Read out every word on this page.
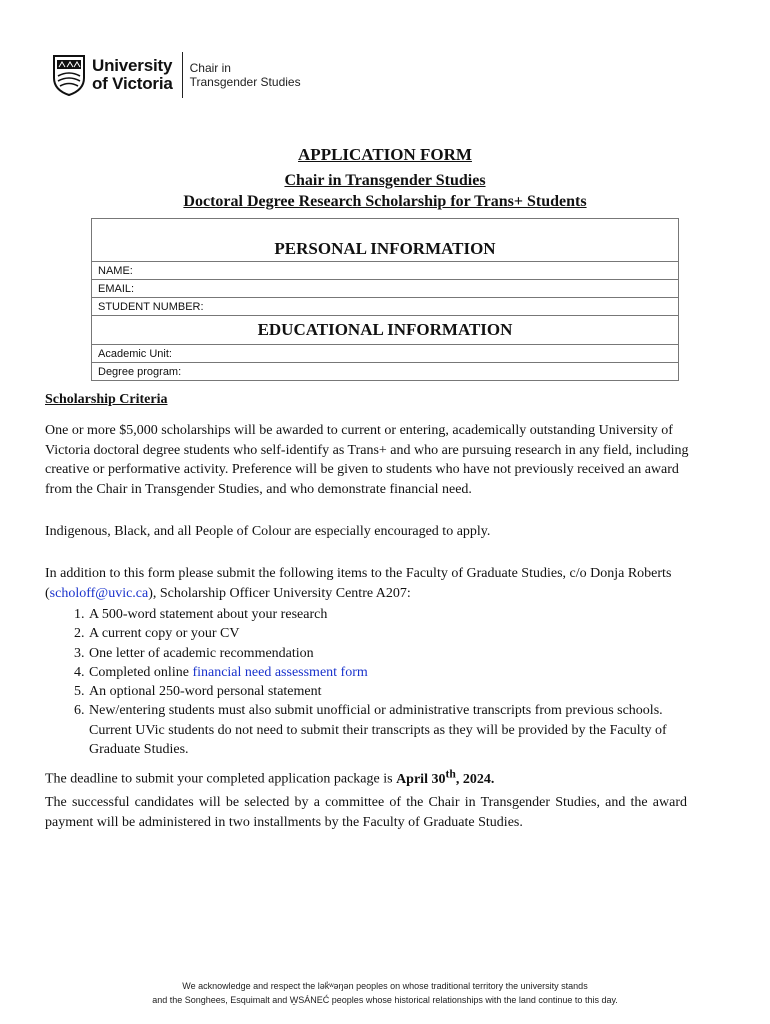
University
of Victoria
Chair in
Transgender Studies
APPLICATION FORM
Chair in Transgender Studies
Doctoral Degree Research Scholarship for Trans+ Students
PERSONAL INFORMATION
NAME:
EMAIL:
STUDENT NUMBER:
EDUCATIONAL INFORMATION
Academic Unit:
Degree program:
Scholarship Criteria
One or more $5,000 scholarships will be awarded to current or entering, academically outstanding University of Victoria doctoral degree students who self-identify as Trans+ and who are pursuing research in any field, including creative or performative activity. Preference will be given to students who have not previously received an award from the Chair in Transgender Studies, and who demonstrate financial need.
Indigenous, Black, and all People of Colour are especially encouraged to apply.
In addition to this form please submit the following items to the Faculty of Graduate Studies, c/o Donja Roberts (scholoff@uvic.ca), Scholarship Officer University Centre A207:
1. A 500-word statement about your research
2. A current copy or your CV
3. One letter of academic recommendation
4. Completed online financial need assessment form
5. An optional 250-word personal statement
6. New/entering students must also submit unofficial or administrative transcripts from previous schools. Current UVic students do not need to submit their transcripts as they will be provided by the Faculty of Graduate Studies.
The deadline to submit your completed application package is April 30th, 2024.
The successful candidates will be selected by a committee of the Chair in Transgender Studies, and the award payment will be administered in two installments by the Faculty of Graduate Studies.
We acknowledge and respect the lək̓ʷəŋən peoples on whose traditional territory the university stands
and the Songhees, Esquimalt and W̱SÁNEĆ peoples whose historical relationships with the land continue to this day.
